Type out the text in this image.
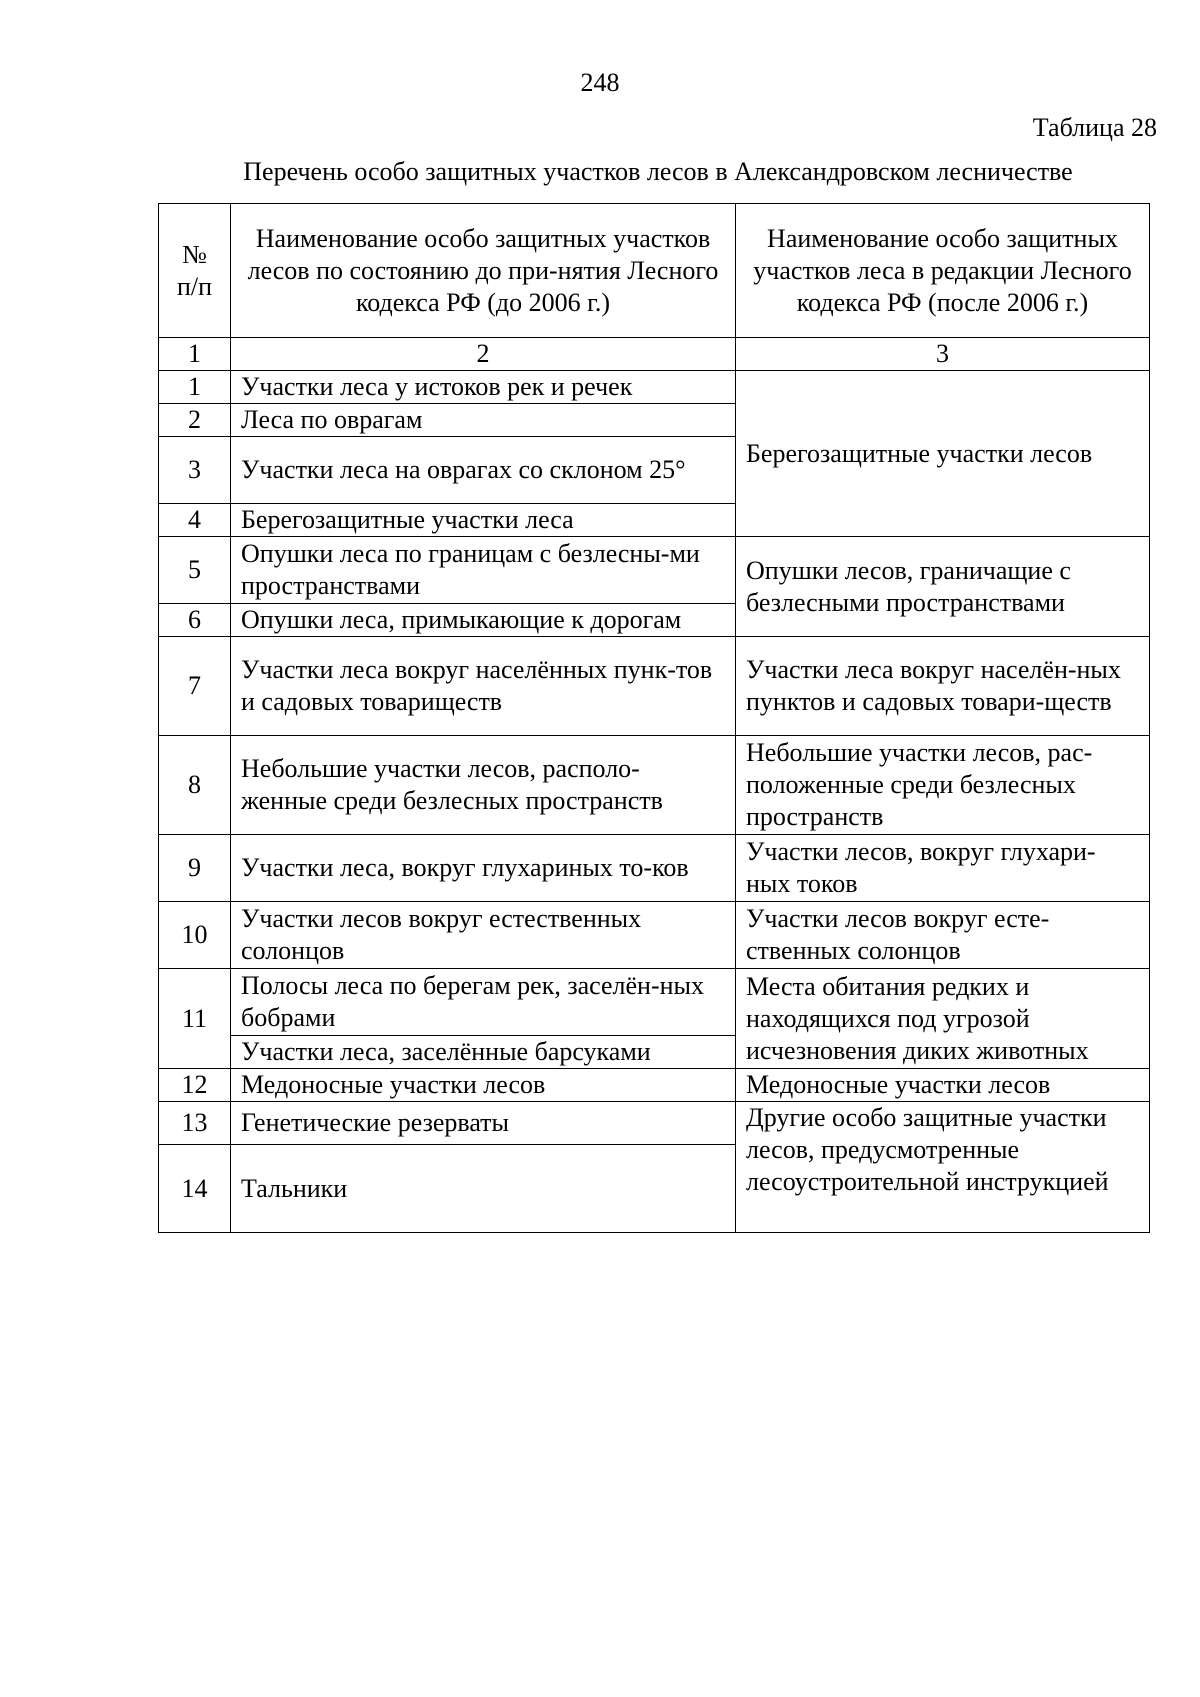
248
Таблица 28
Перечень особо защитных участков лесов в Александровском лесничестве
№
п/п	Наименование особо защитных участков лесов по состоянию до при-нятия Лесного кодекса РФ (до 2006 г.)	Наименование особо защитных участков леса в редакции Лесного кодекса РФ (после 2006 г.)
1	2	3
1	Участки леса у истоков рек и речек	Берегозащитные участки лесов
2	Леса по оврагам	
3	Участки леса на оврагах со склоном 25°	
4	Берегозащитные участки леса	
5	Опушки леса по границам с безлесны-ми пространствами	Опушки лесов, граничащие с безлесными пространствами
6	Опушки леса, примыкающие к дорогам	
7	Участки леса вокруг населённых пунк-тов и садовых товариществ	Участки леса вокруг населён-ных пунктов и садовых товари-ществ
8	Небольшие участки лесов, располо-женные среди безлесных пространств	Небольшие участки лесов, рас-положенные среди безлесных пространств
9	Участки леса, вокруг глухариных то-ков	Участки лесов, вокруг глухари-ных токов
10	Участки лесов вокруг естественных солонцов	Участки лесов вокруг есте-ственных солонцов
11	Полосы леса по берегам рек, заселён-ных бобрами	Места обитания редких и находящихся под угрозой исчезновения диких животных
	Участки леса, заселённые барсуками	
12	Медоносные участки лесов	Медоносные участки лесов
13	Генетические резерваты	Другие особо защитные участки лесов, предусмотренные лесоустроительной инструкцией
14	Тальники	
